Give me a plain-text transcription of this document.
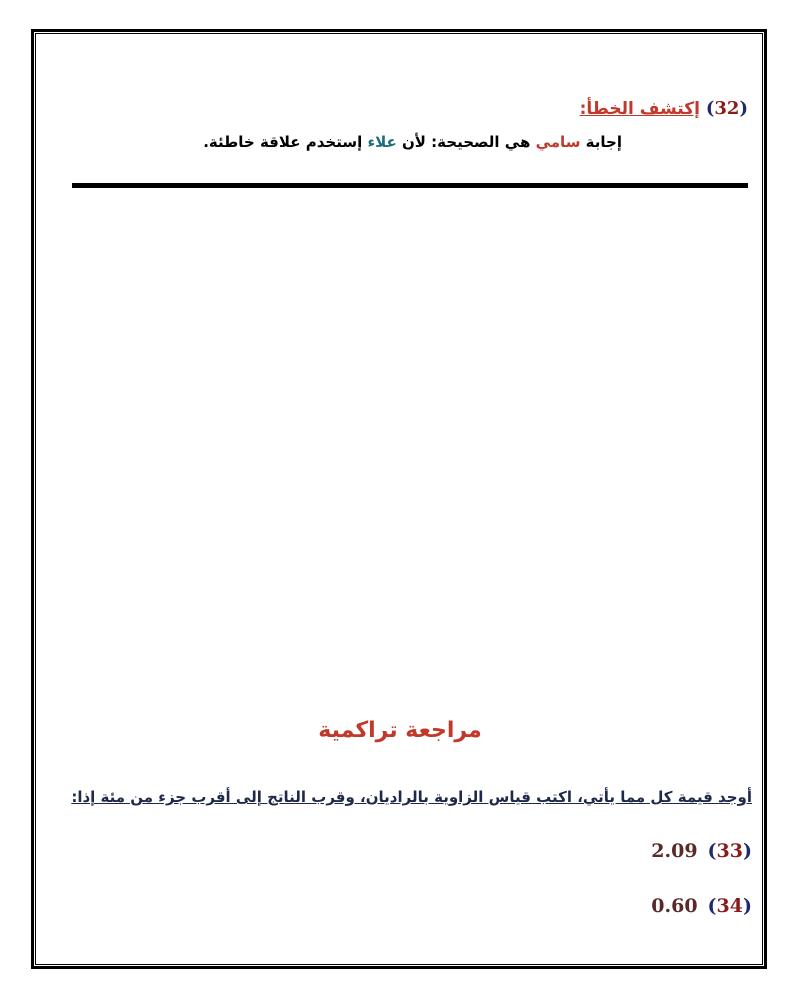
(32) إكتشف الخطأ:
إجابة سامي هي الصحيحة: لأن علاء إستخدم علاقة خاطئة.
مراجعة تراكمية
أوجد قيمة كل مما يأتي، اكتب قياس الزاوية بالراديان، وقرب الناتج إلى أقرب جزء من مئة إذا:
(33)2.09
(34)0.60
